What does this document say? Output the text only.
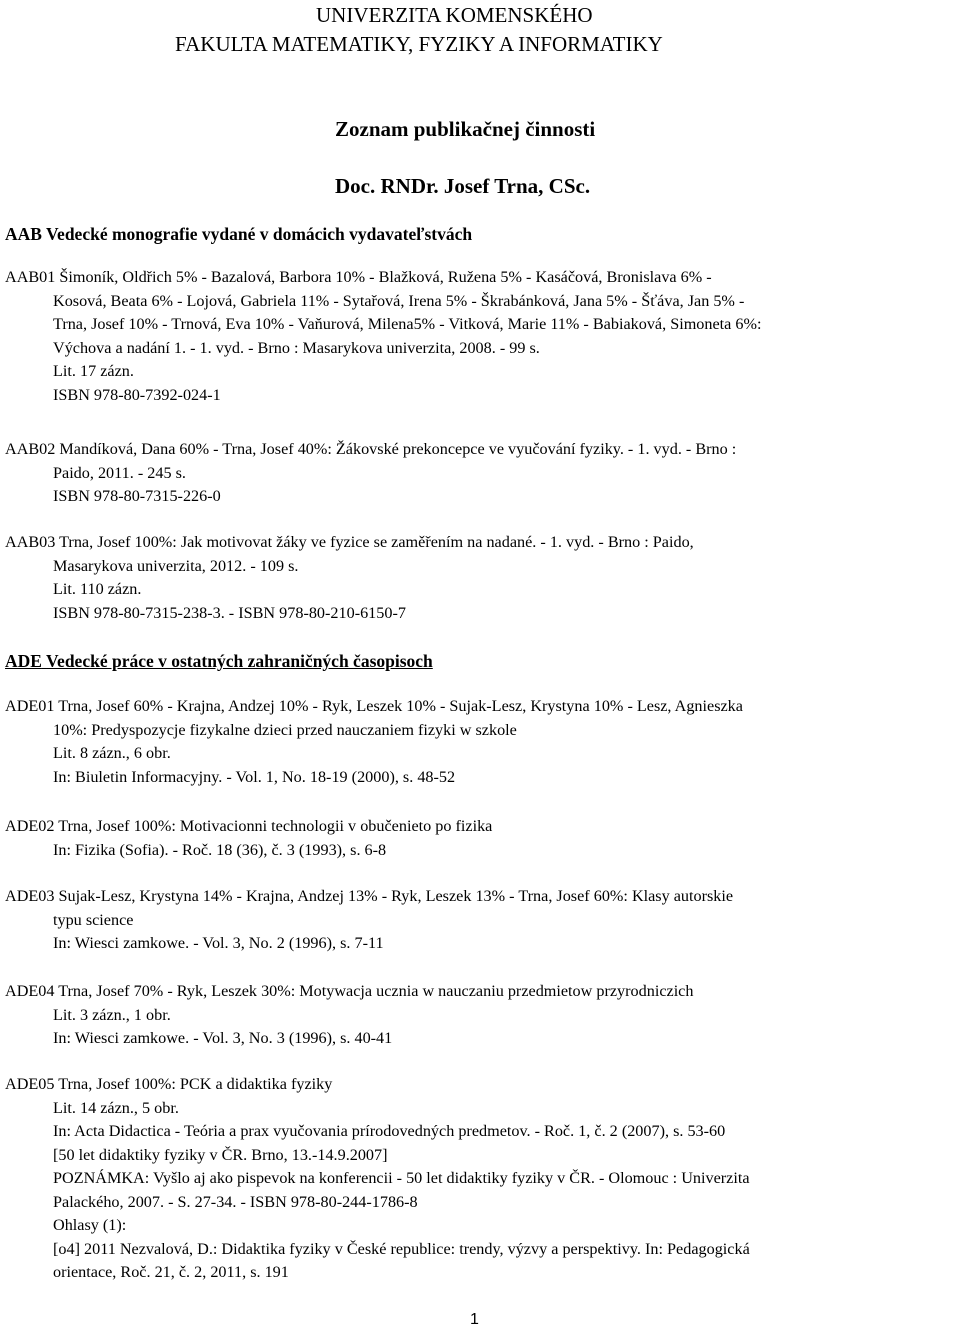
UNIVERZITA KOMENSKÉHO
FAKULTA MATEMATIKY, FYZIKY A INFORMATIKY
Zoznam publikačnej činnosti
Doc. RNDr. Josef Trna, CSc.
AAB Vedecké monografie vydané v domácich vydavateľstvách
AAB01 Šimoník, Oldřich 5% - Bazalová, Barbora 10% - Blažková, Ružena 5% - Kasáčová, Bronislava 6% -
Kosová, Beata 6% - Lojová, Gabriela 11% - Sytařová, Irena 5% - Škrabánková, Jana 5% - Šťáva, Jan 5% -
Trna, Josef 10% - Trnová, Eva 10% - Vaňurová, Milena5% - Vitková, Marie 11% - Babiaková, Simoneta 6%:
Výchova a nadání 1. - 1. vyd. - Brno : Masarykova univerzita, 2008. - 99 s.
Lit. 17 zázn.
ISBN 978-80-7392-024-1
AAB02 Mandíková, Dana 60% - Trna, Josef 40%: Žákovské prekoncepce ve vyučování fyziky. - 1. vyd. - Brno :
Paido, 2011. - 245 s.
ISBN 978-80-7315-226-0
AAB03 Trna, Josef 100%: Jak motivovat žáky ve fyzice se zaměřením na nadané. - 1. vyd. - Brno : Paido,
Masarykova univerzita, 2012. - 109 s.
Lit. 110 zázn.
ISBN 978-80-7315-238-3. - ISBN 978-80-210-6150-7
ADE Vedecké práce v ostatných zahraničných časopisoch
ADE01 Trna, Josef 60% - Krajna, Andzej 10% - Ryk, Leszek 10% - Sujak-Lesz, Krystyna 10% - Lesz, Agnieszka
10%: Predyspozycje fizykalne dzieci przed nauczaniem fizyki w szkole
Lit. 8 zázn., 6 obr.
In: Biuletin Informacyjny. - Vol. 1, No. 18-19 (2000), s. 48-52
ADE02 Trna, Josef 100%: Motivacionni technologii v obučenieto po fizika
In: Fizika (Sofia). - Roč. 18 (36), č. 3 (1993), s. 6-8
ADE03 Sujak-Lesz, Krystyna 14% - Krajna, Andzej 13% - Ryk, Leszek 13% - Trna, Josef 60%: Klasy autorskie
typu science
In: Wiesci zamkowe. - Vol. 3, No. 2 (1996), s. 7-11
ADE04 Trna, Josef 70% - Ryk, Leszek 30%: Motywacja ucznia w nauczaniu przedmietow przyrodniczich
Lit. 3 zázn., 1 obr.
In: Wiesci zamkowe. - Vol. 3, No. 3 (1996), s. 40-41
ADE05 Trna, Josef 100%: PCK a didaktika fyziky
Lit. 14 zázn., 5 obr.
In: Acta Didactica - Teória a prax vyučovania prírodovedných predmetov. - Roč. 1, č. 2 (2007), s. 53-60
[50 let didaktiky fyziky v ČR. Brno, 13.-14.9.2007]
POZNÁMKA: Vyšlo aj ako pispevok na konferencii - 50 let didaktiky fyziky v ČR. - Olomouc : Univerzita
Palackého, 2007. - S. 27-34. - ISBN 978-80-244-1786-8
Ohlasy (1):
[o4] 2011 Nezvalová, D.: Didaktika fyziky v České republice: trendy, výzvy a perspektivy. In: Pedagogická
orientace, Roč. 21, č. 2, 2011, s. 191
1
